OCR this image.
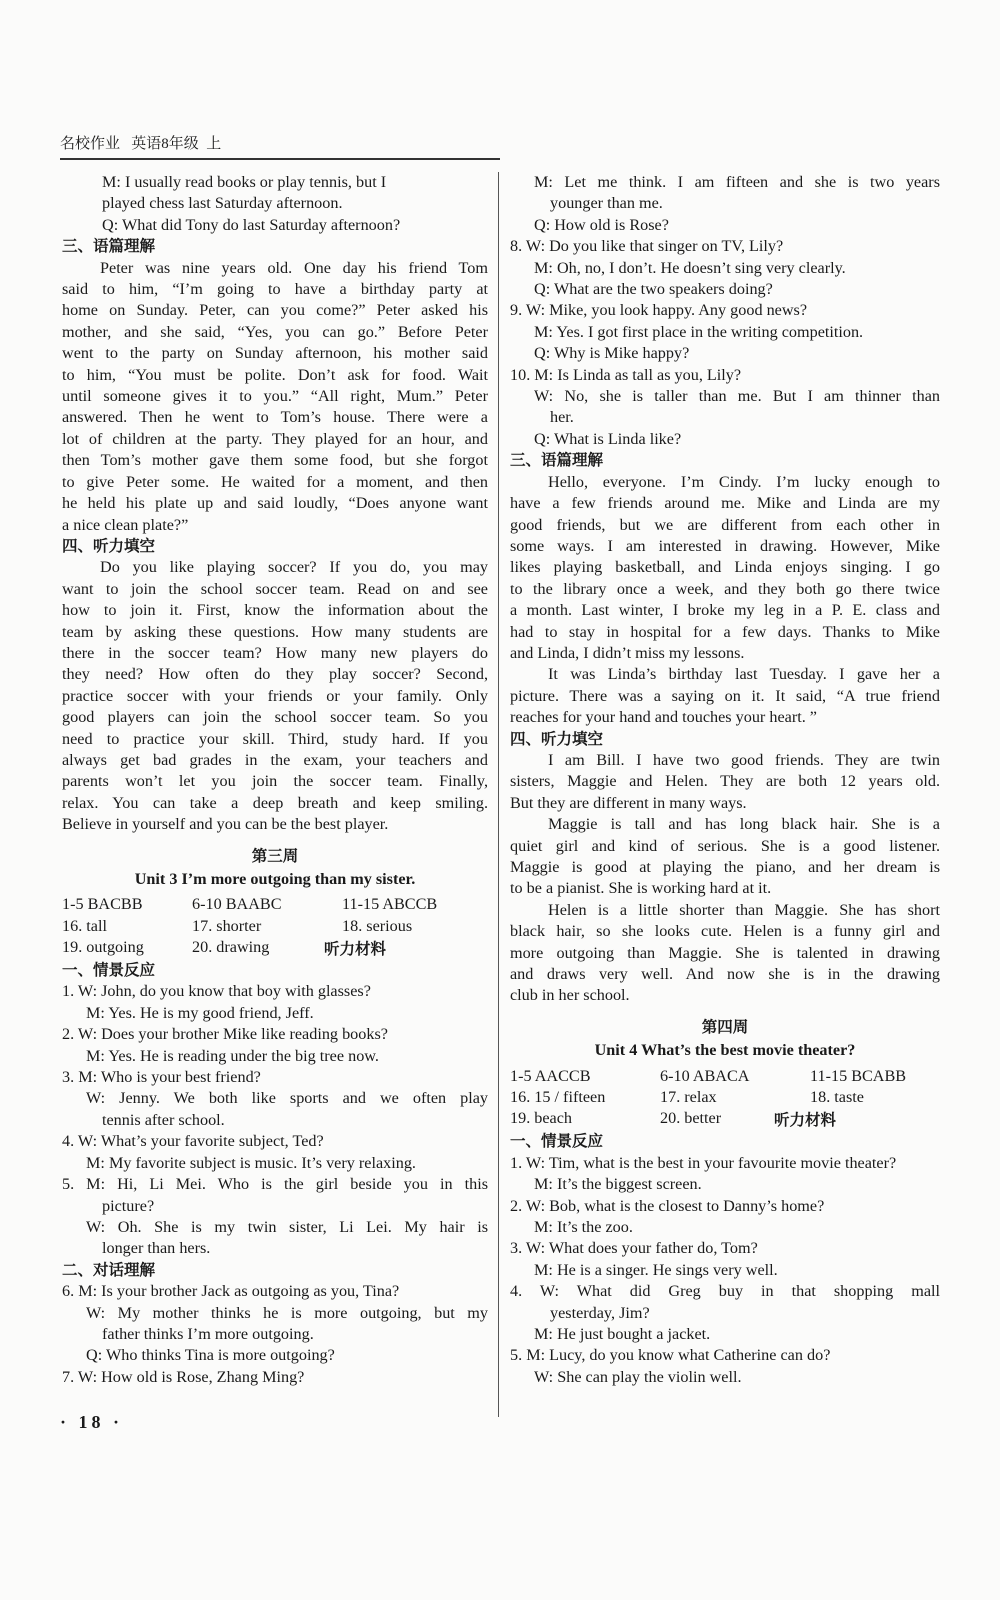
名校作业 英语8年级 上
M: I usually read books or play tennis, but I
played chess last Saturday afternoon.
Q: What did Tony do last Saturday afternoon?
三、语篇理解
Peter was nine years old. One day his friend Tom
said to him, “I’m going to have a birthday party at
home on Sunday. Peter, can you come?” Peter asked his
mother, and she said, “Yes, you can go.” Before Peter
went to the party on Sunday afternoon, his mother said
to him, “You must be polite. Don’t ask for food. Wait
until someone gives it to you.” “All right, Mum.” Peter
answered. Then he went to Tom’s house. There were a
lot of children at the party. They played for an hour, and
then Tom’s mother gave them some food, but she forgot
to give Peter some. He waited for a moment, and then
he held his plate up and said loudly, “Does anyone want
a nice clean plate?”
四、听力填空
Do you like playing soccer? If you do, you may
want to join the school soccer team. Read on and see
how to join it. First, know the information about the
team by asking these questions. How many students are
there in the soccer team? How many new players do
they need? How often do they play soccer? Second,
practice soccer with your friends or your family. Only
good players can join the school soccer team. So you
need to practice your skill. Third, study hard. If you
always get bad grades in the exam, your teachers and
parents won’t let you join the soccer team. Finally,
relax. You can take a deep breath and keep smiling.
Believe in yourself and you can be the best player.
第三周
Unit 3 I’m more outgoing than my sister.
1-5 BACBB	6-10 BAABC	11-15 ABCCB
16. tall	17. shorter	18. serious
19. outgoing	20. drawing	听力材料
一、情景反应
1. W: John, do you know that boy with glasses?
M: Yes. He is my good friend, Jeff.
2. W: Does your brother Mike like reading books?
M: Yes. He is reading under the big tree now.
3. M: Who is your best friend?
W: Jenny. We both like sports and we often play
tennis after school.
4. W: What’s your favorite subject, Ted?
M: My favorite subject is music. It’s very relaxing.
5. M: Hi, Li Mei. Who is the girl beside you in this
picture?
W: Oh. She is my twin sister, Li Lei. My hair is
longer than hers.
二、对话理解
6. M: Is your brother Jack as outgoing as you, Tina?
W: My mother thinks he is more outgoing, but my
father thinks I’m more outgoing.
Q: Who thinks Tina is more outgoing?
7. W: How old is Rose, Zhang Ming?
M: Let me think. I am fifteen and she is two years
younger than me.
Q: How old is Rose?
8. W: Do you like that singer on TV, Lily?
M: Oh, no, I don’t. He doesn’t sing very clearly.
Q: What are the two speakers doing?
9. W: Mike, you look happy. Any good news?
M: Yes. I got first place in the writing competition.
Q: Why is Mike happy?
10. M: Is Linda as tall as you, Lily?
W: No, she is taller than me. But I am thinner than
her.
Q: What is Linda like?
三、语篇理解
Hello, everyone. I’m Cindy. I’m lucky enough to
have a few friends around me. Mike and Linda are my
good friends, but we are different from each other in
some ways. I am interested in drawing. However, Mike
likes playing basketball, and Linda enjoys singing. I go
to the library once a week, and they both go there twice
a month. Last winter, I broke my leg in a P. E. class and
had to stay in hospital for a few days. Thanks to Mike
and Linda, I didn’t miss my lessons.
It was Linda’s birthday last Tuesday. I gave her a
picture. There was a saying on it. It said, “A true friend
reaches for your hand and touches your heart. ”
四、听力填空
I am Bill. I have two good friends. They are twin
sisters, Maggie and Helen. They are both 12 years old.
But they are different in many ways.
Maggie is tall and has long black hair. She is a
quiet girl and kind of serious. She is a good listener.
Maggie is good at playing the piano, and her dream is
to be a pianist. She is working hard at it.
Helen is a little shorter than Maggie. She has short
black hair, so she looks cute. Helen is a funny girl and
more outgoing than Maggie. She is talented in drawing
and draws very well. And now she is in the drawing
club in her school.
第四周
Unit 4 What’s the best movie theater?
1-5 AACCB	6-10 ABACA	11-15 BCABB
16. 15 / fifteen	17. relax	18. taste
19. beach	20. better	听力材料
一、情景反应
1. W: Tim, what is the best in your favourite movie theater?
M: It’s the biggest screen.
2. W: Bob, what is the closest to Danny’s home?
M: It’s the zoo.
3. W: What does your father do, Tom?
M: He is a singer. He sings very well.
4. W: What did Greg buy in that shopping mall
yesterday, Jim?
M: He just bought a jacket.
5. M: Lucy, do you know what Catherine can do?
W: She can play the violin well.
· 18 ·
